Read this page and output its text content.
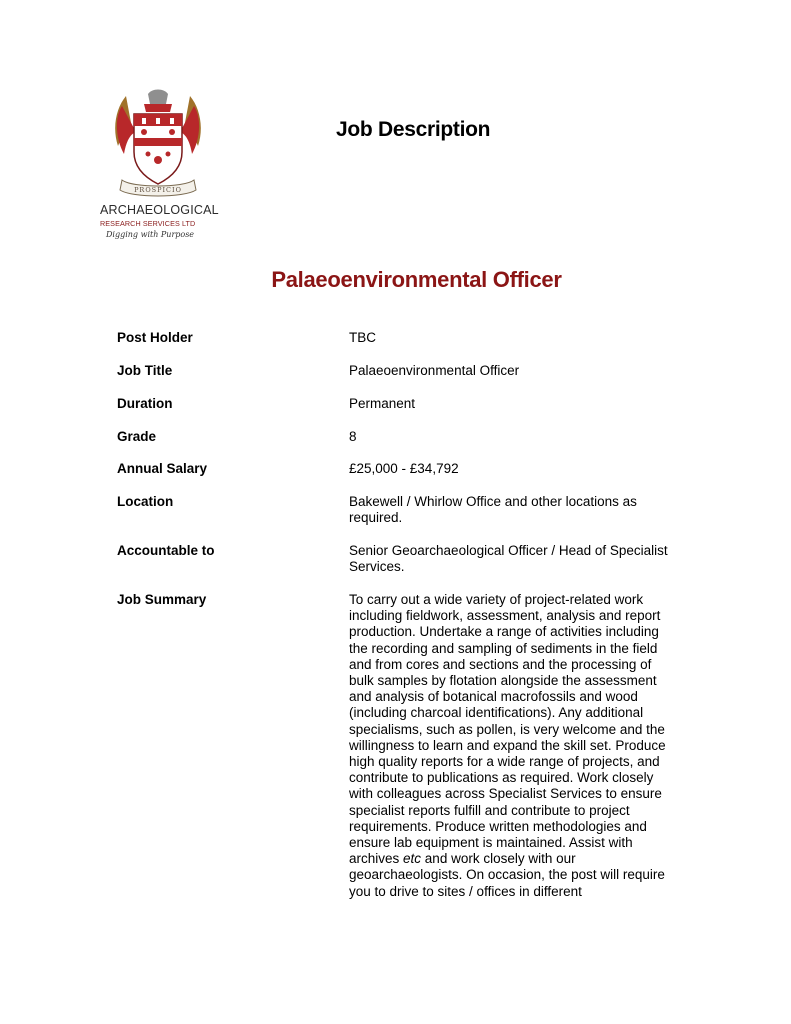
PROSPICIO
ARCHAEOLOGICAL
RESEARCH SERVICES LTD
Digging with Purpose
Job Description
Palaeoenvironmental Officer
Post Holder	TBC
Job Title	Palaeoenvironmental Officer
Duration	Permanent
Grade	8
Annual Salary	£25,000 - £34,792
Location	Bakewell / Whirlow Office and other locations as required.
Accountable to	Senior Geoarchaeological Officer / Head of Specialist Services.
Job Summary	To carry out a wide variety of project-related work including fieldwork, assessment, analysis and report production. Undertake a range of activities including the recording and sampling of sediments in the field and from cores and sections and the processing of bulk samples by flotation alongside the assessment and analysis of botanical macrofossils and wood (including charcoal identifications). Any additional specialisms, such as pollen, is very welcome and the willingness to learn and expand the skill set. Produce high quality reports for a wide range of projects, and contribute to publications as required. Work closely with colleagues across Specialist Services to ensure specialist reports fulfill and contribute to project requirements. Produce written methodologies and ensure lab equipment is maintained. Assist with archives etc and work closely with our geoarchaeologists. On occasion, the post will require you to drive to sites / offices in different
